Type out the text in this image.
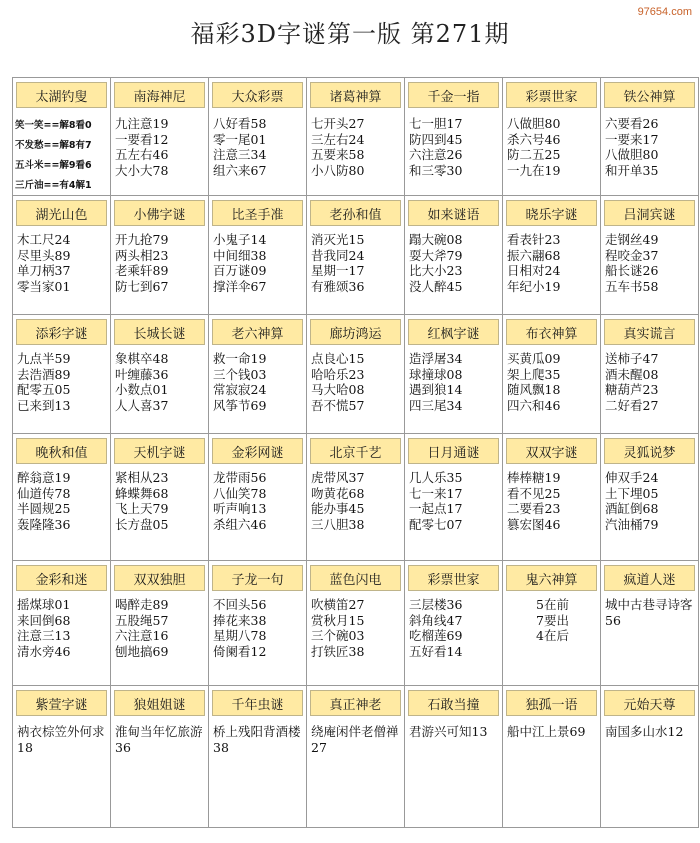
97654.com
福彩3D字谜第一版 第271期
太湖钓叟
笑一笑==解8看0
不发愁==解8有7
五斗米==解9看6
三斤油==有4解1
南海神尼
九注意19
一要看12
五左右46
大小大78
大众彩票
八好看58
零一尾01
注意三34
组六来67
诸葛神算
七开头27
三左右24
五要来58
小八防80
千金一指
七一胆17
防四到45
六注意26
和三零30
彩票世家
八做胆80
杀六号46
防二五25
一九在19
铁公神算
六要看26
一要来17
八做胆80
和开单35
湖光山色
木工尺24
尽里头89
单刀柄37
零当家01
小佛字谜
开九抢79
两头相23
老乘轩89
防七到67
比圣手准
小鬼子14
中间细38
百万谜09
撑洋伞67
老孙和值
消灭光15
昔我同24
星期一17
有雅颂36
如来谜语
蹋大碗08
耍大斧79
比大小23
没人醉45
晓乐字谜
看表针23
振六翮68
日相对24
年纪小19
吕洞宾谜
走钢丝49
程咬金37
船长谜26
五车书58
添彩字谜
九点半59
去浩酒89
配零五05
已来到13
长城长谜
象棋卒48
叶缠藤36
小数点01
人人喜37
老六神算
救一命19
三个钱03
常寂寂24
风筝节69
廊坊鸿运
点良心15
哈哈乐23
马大哈08
吾不慌57
红枫字谜
造浮屠34
球撞球08
遇到狼14
四三尾34
布衣神算
买黄瓜09
架上爬35
随风飘18
四六和46
真实谎言
送柿子47
酒未醒08
糖葫芦23
二好看27
晚秋和值
醉翁意19
仙道传78
半圆规25
轰隆隆36
天机字谜
紧相从23
蜂蝶舞68
飞上天79
长方盘05
金彩网谜
龙带雨56
八仙笑78
听声响13
杀组六46
北京千艺
虎带风37
吻黄花68
能办事45
三八胆38
日月通谜
几人乐35
七一来17
一起点17
配零七07
双双字谜
棒棒糖19
看不见25
二要看23
篡宏图46
灵狐说梦
伸双手24
土下埋05
酒缸倒68
汽油桶79
金彩和迷
摇煤球01
来回倒68
注意三13
清水旁46
双双独胆
喝醉走89
五股绳57
六注意16
刨地搞69
子龙一句
不回头56
捧花来38
星期八78
倚阑看12
蓝色闪电
吹横笛27
赏秋月15
三个碗03
打铁匠38
彩票世家
三层楼36
斜角线47
吃榴莲69
五好看14
鬼六神算
5在前
7要出
4在后
疯道人迷
城中古巷寻诗客56
紫萱字谜
衲衣棕笠外何求18
狼姐姐谜
淮甸当年忆旅游36
千年虫谜
桥上残阳背酒楼38
真正神老
绕庵闲伴老僧禅27
石敢当撞
君游兴可知13
独孤一语
船中江上景69
元始天尊
南国多山水12
